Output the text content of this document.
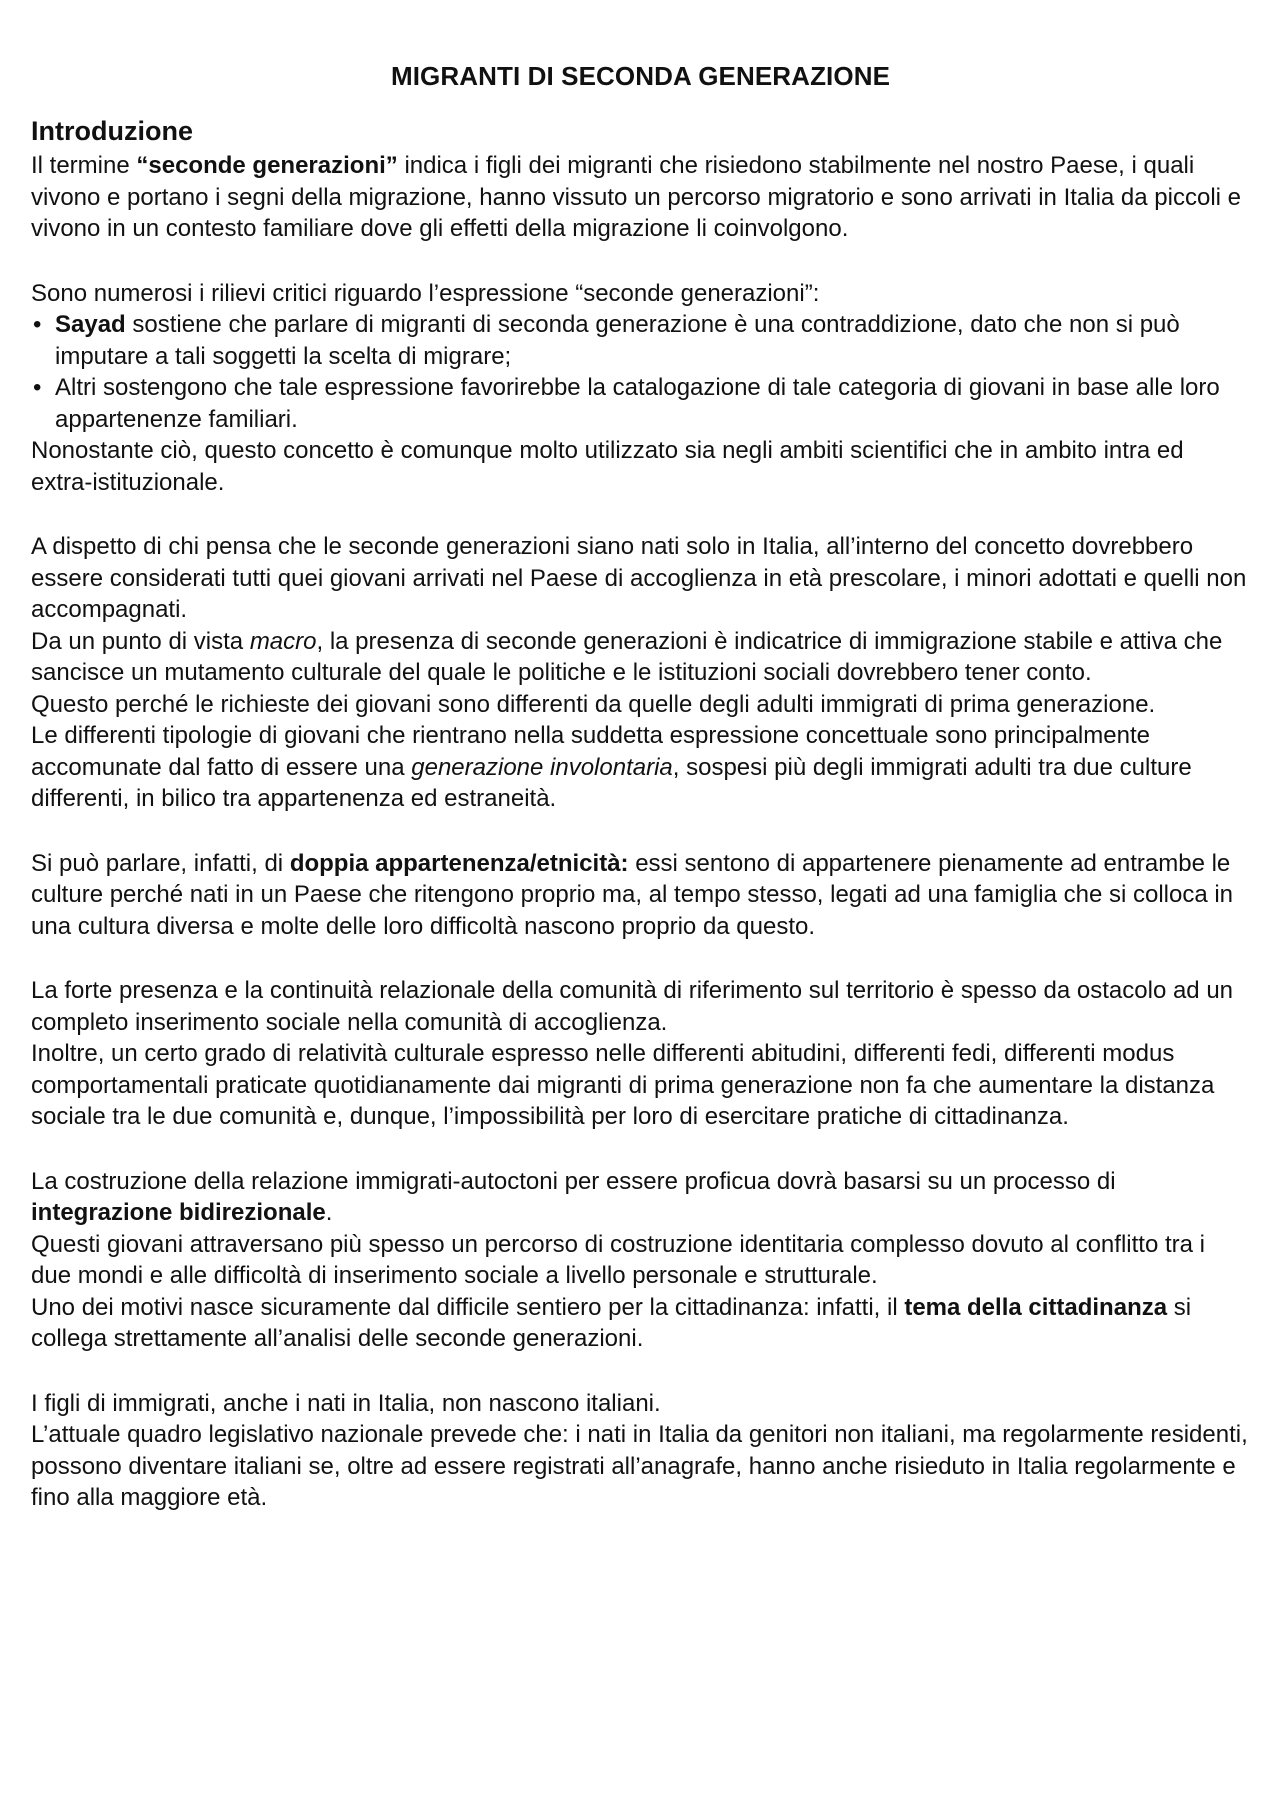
MIGRANTI DI SECONDA GENERAZIONE
Introduzione

Il termine “seconde generazioni” indica i figli dei migranti che risiedono stabilmente nel nostro Paese, i quali vivono e portano i segni della migrazione, hanno vissuto un percorso migratorio e sono arrivati in Italia da piccoli e vivono in un contesto familiare dove gli effetti della migrazione li coinvolgono.

Sono numerosi i rilievi critici riguardo l’espressione “seconde generazioni”:

• Sayad sostiene che parlare di migranti di seconda generazione è una contraddizione, dato che non si può imputare a tali soggetti la scelta di migrare;
• Altri sostengono che tale espressione favorirebbe la catalogazione di tale categoria di giovani in base alle loro appartenenze familiari.

Nonostante ciò, questo concetto è comunque molto utilizzato sia negli ambiti scientifici che in ambito intra ed extra-istituzionale.

A dispetto di chi pensa che le seconde generazioni siano nati solo in Italia, all’interno del concetto dovrebbero essere considerati tutti quei giovani arrivati nel Paese di accoglienza in età prescolare, i minori adottati e quelli non accompagnati.

Da un punto di vista macro, la presenza di seconde generazioni è indicatrice di immigrazione stabile e attiva che sancisce un mutamento culturale del quale le politiche e le istituzioni sociali dovrebbero tener conto.

Questo perché le richieste dei giovani sono differenti da quelle degli adulti immigrati di prima generazione.

Le differenti tipologie di giovani che rientrano nella suddetta espressione concettuale sono principalmente accomunate dal fatto di essere una generazione involontaria, sospesi più degli immigrati adulti tra due culture differenti, in bilico tra appartenenza ed estraneità.

Si può parlare, infatti, di doppia appartenenza/etnicità: essi sentono di appartenere pienamente ad entrambe le culture perché nati in un Paese che ritengono proprio ma, al tempo stesso, legati ad una famiglia che si colloca in una cultura diversa e molte delle loro difficoltà nascono proprio da questo.

La forte presenza e la continuità relazionale della comunità di riferimento sul territorio è spesso da ostacolo ad un completo inserimento sociale nella comunità di accoglienza.

Inoltre, un certo grado di relatività culturale espresso nelle differenti abitudini, differenti fedi, differenti modus comportamentali praticate quotidianamente dai migranti di prima generazione non fa che aumentare la distanza sociale tra le due comunità e, dunque, l’impossibilità per loro di esercitare pratiche di cittadinanza.

La costruzione della relazione immigrati-autoctoni per essere proficua dovrà basarsi su un processo di integrazione bidirezionale.

Questi giovani attraversano più spesso un percorso di costruzione identitaria complesso dovuto al conflitto tra i due mondi e alle difficoltà di inserimento sociale a livello personale e strutturale.

Uno dei motivi nasce sicuramente dal difficile sentiero per la cittadinanza: infatti, il tema della cittadinanza si collega strettamente all’analisi delle seconde generazioni.

I figli di immigrati, anche i nati in Italia, non nascono italiani.

L’attuale quadro legislativo nazionale prevede che: i nati in Italia da genitori non italiani, ma regolarmente residenti, possono diventare italiani se, oltre ad essere registrati all’anagrafe, hanno anche risieduto in Italia regolarmente e fino alla maggiore età.
